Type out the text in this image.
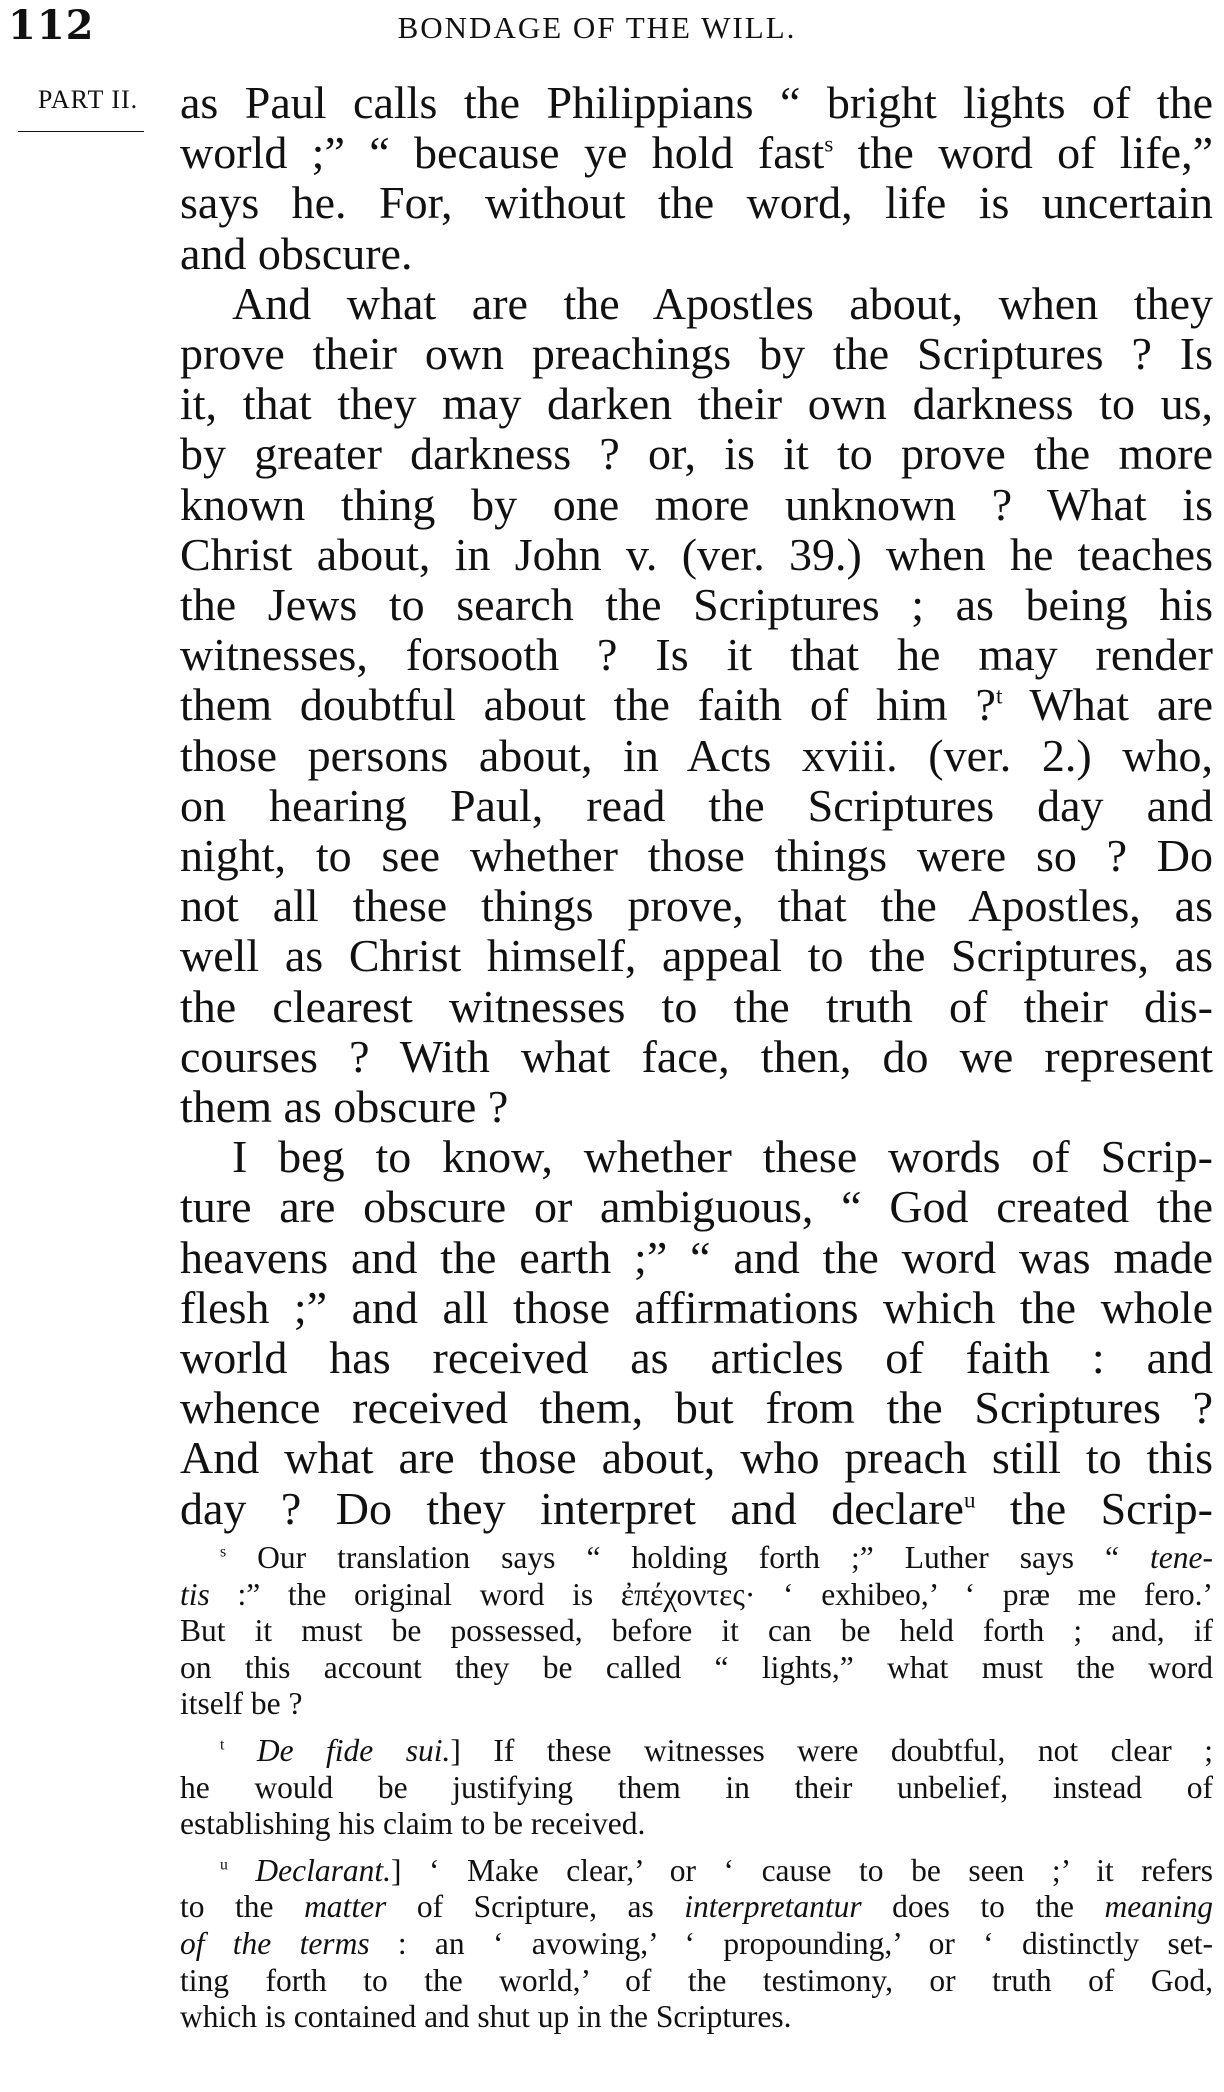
112	BONDAGE OF THE WILL.
PART II. as Paul calls the Philippians “ bright lights of the
world ;” “ because ye hold fast$^s$ the word of life,”
says he. For, without the word, life is uncertain
and obscure.
And what are the Apostles about, when they
prove their own preachings by the Scriptures ? Is
it, that they may darken their own darkness to us,
by greater darkness ? or, is it to prove the more
known thing by one more unknown ? What is
Christ about, in John v. (ver. 39.) when he teaches
the Jews to search the Scriptures ; as being his
witnesses, forsooth ? Is it that he may render
them doubtful about the faith of him ?$^t$ What are
those persons about, in Acts xviii. (ver. 2.) who,
on hearing Paul, read the Scriptures day and
night, to see whether those things were so ? Do
not all these things prove, that the Apostles, as
well as Christ himself, appeal to the Scriptures, as
the clearest witnesses to the truth of their dis-
courses ? With what face, then, do we represent
them as obscure ?
I beg to know, whether these words of Scrip-
ture are obscure or ambiguous, “ God created the
heavens and the earth ;” “ and the word was made
flesh ;” and all those affirmations which the whole
world has received as articles of faith : and
whence received them, but from the Scriptures ?
And what are those about, who preach still to this
day ? Do they interpret and declare$^u$ the Scrip-
$^s$ Our translation says “ holding forth ;” Luther says “ tene-
tis :” the original word is ἐπέχοντες· ‘ exhibeo,’ ‘ præ me fero.’
But it must be possessed, before it can be held forth ; and, if
on this account they be called “ lights,” what must the word
itself be ?
$^t$ De fide sui.] If these witnesses were doubtful, not clear ;
he would be justifying them in their unbelief, instead of
establishing his claim to be received.
$^u$ Declarant.] ‘ Make clear,’ or ‘ cause to be seen ;’ it refers
to the matter of Scripture, as interpretantur does to the meaning
of the terms : an ‘ avowing,’ ‘ propounding,’ or ‘ distinctly set-
ting forth to the world,’ of the testimony, or truth of God,
which is contained and shut up in the Scriptures.
